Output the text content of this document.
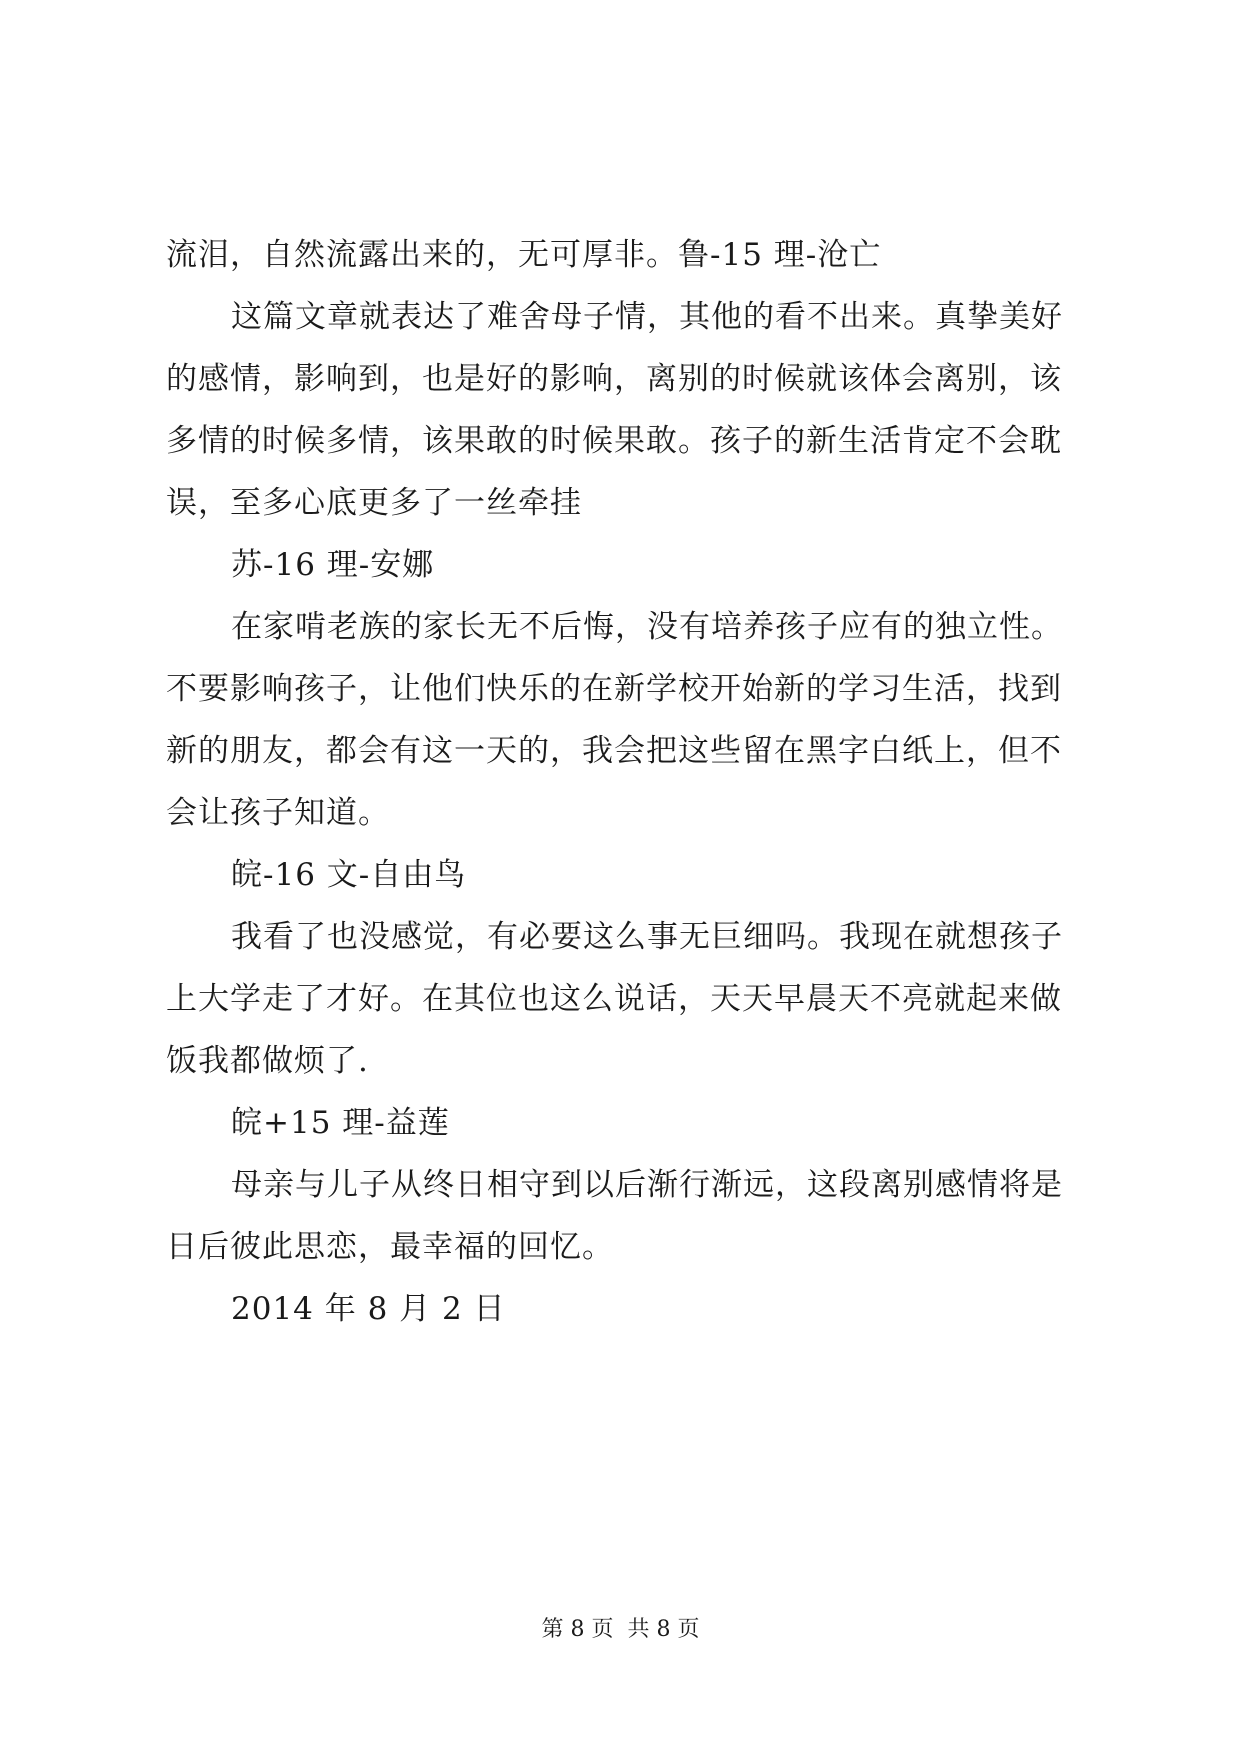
流泪，自然流露出来的，无可厚非。鲁-15 理-沧亡
这篇文章就表达了难舍母子情，其他的看不出来。真挚美好
的感情，影响到，也是好的影响，离别的时候就该体会离别，该
多情的时候多情，该果敢的时候果敢。孩子的新生活肯定不会耽
误，至多心底更多了一丝牵挂
苏-16 理-安娜
在家啃老族的家长无不后悔，没有培养孩子应有的独立性。
不要影响孩子，让他们快乐的在新学校开始新的学习生活，找到
新的朋友，都会有这一天的，我会把这些留在黑字白纸上，但不
会让孩子知道。
皖-16 文-自由鸟
我看了也没感觉，有必要这么事无巨细吗。我现在就想孩子
上大学走了才好。在其位也这么说话，天天早晨天不亮就起来做
饭我都做烦了.
皖+15 理-益莲
母亲与儿子从终日相守到以后渐行渐远，这段离别感情将是
日后彼此思恋，最幸福的回忆。
2014 年 8 月 2 日
第 8 页  共 8 页
